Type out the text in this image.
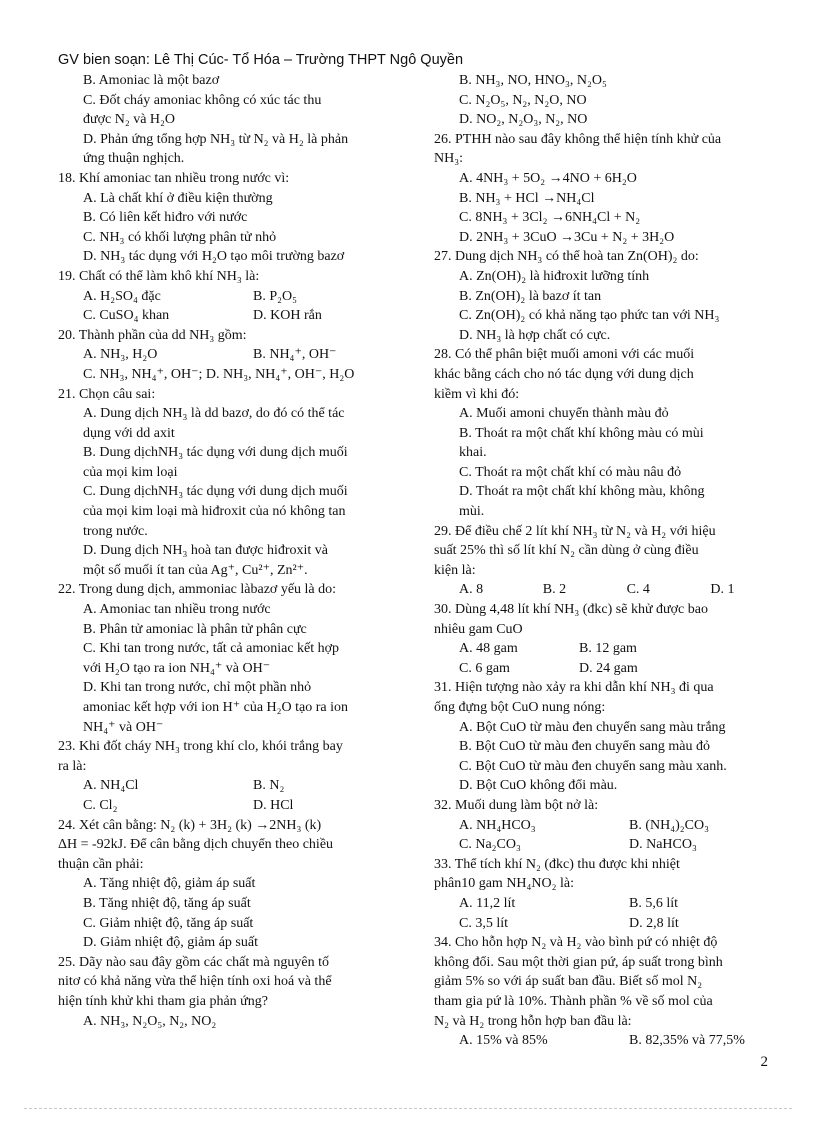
GV bien soạn: Lê Thị Cúc- Tổ Hóa – Trường THPT Ngô Quyền
B. Amoniac là một bazơ
C. Đốt cháy amoniac không có xúc tác thu
được N₂ và H₂O
D. Phản ứng tổng hợp NH₃ từ N₂ và H₂ là phản
ứng thuận nghịch.
18. Khí amoniac tan nhiều trong nước vì:
A. Là chất khí ở điều kiện thường
B. Có liên kết hiđro với nước
C. NH₃ có khối lượng phân tử nhỏ
D. NH₃ tác dụng với H₂O tạo môi trường bazơ
19. Chất có thể làm khô khí NH₃ là:
A. H₂SO₄ đặc	B. P₂O₅
C. CuSO₄ khan	D. KOH rắn
20. Thành phần của dd NH₃ gồm:
A. NH₃, H₂O	B. NH₄⁺, OH⁻
C. NH₃, NH₄⁺, OH⁻; D. NH₃, NH₄⁺, OH⁻, H₂O
21. Chọn câu sai:
A. Dung dịch NH₃ là dd bazơ, do đó có thể tác
dụng với dd axit
B. Dung dịchNH₃ tác dụng với dung dịch muối
của mọi kim loại
C. Dung dịchNH₃ tác dụng với dung dịch muối
của mọi kim loại mà hiđroxit của nó không tan
trong nước.
D. Dung dịch NH₃ hoà tan được hiđroxit và
một số muối ít tan của Ag⁺, Cu²⁺, Zn²⁺.
22. Trong dung dịch, ammoniac làbazơ yếu là do:
A. Amoniac tan nhiều trong nước
B. Phân tử amoniac là phân tử phân cực
C. Khi tan trong nước, tất cả amoniac kết hợp
với H₂O tạo ra ion NH₄⁺ và OH⁻
D. Khi tan trong nước, chỉ một phần nhỏ
amoniac kết hợp với ion H⁺ của H₂O tạo ra ion
NH₄⁺ và OH⁻
23. Khi đốt cháy NH₃ trong khí clo, khói trắng bay
ra là:
A. NH₄Cl	B. N₂
C. Cl₂	D. HCl
24. Xét cân bằng: N₂ (k) + 3H₂ (k) →2NH₃ (k)
ΔH = -92kJ. Để cân bằng dịch chuyển theo chiều
thuận cần phải:
A. Tăng nhiệt độ, giảm áp suất
B. Tăng nhiệt độ, tăng áp suất
C. Giảm nhiệt độ, tăng áp suất
D. Giảm nhiệt độ, giảm áp suất
25. Dãy nào sau đây gồm các chất mà nguyên tố
nitơ có khả năng vừa thể hiện tính oxi hoá và thể
hiện tính khử khi tham gia phản ứng?
A. NH₃, N₂O₅, N₂, NO₂
B. NH₃, NO, HNO₃, N₂O₅
C. N₂O₅, N₂, N₂O, NO
D. NO₂, N₂O₃, N₂, NO
26. PTHH nào sau đây không thể hiện tính khử của
NH₃:
A. 4NH₃ + 5O₂ →4NO + 6H₂O
B. NH₃ + HCl →NH₄Cl
C. 8NH₃ + 3Cl₂ →6NH₄Cl + N₂
D. 2NH₃ + 3CuO →3Cu + N₂ + 3H₂O
27. Dung dịch NH₃ có thể hoà tan Zn(OH)₂ do:
A. Zn(OH)₂ là hiđroxit lưỡng tính
B. Zn(OH)₂ là bazơ ít tan
C. Zn(OH)₂ có khả năng tạo phức tan với NH₃
D. NH₃ là hợp chất có cực.
28. Có thể phân biệt muối amoni với các muối
khác bằng cách cho nó tác dụng với dung dịch
kiềm vì khi đó:
A. Muối amoni chuyển thành màu đỏ
B. Thoát ra một chất khí không màu có mùi
khai.
C. Thoát ra một chất khí có màu nâu đỏ
D. Thoát ra một chất khí không màu, không
mùi.
29. Để điều chế 2 lít khí NH₃ từ N₂ và H₂ với hiệu
suất 25% thì số lít khí N₂ cần dùng ở cùng điều
kiện là:
A. 8	B. 2	C. 4	D. 1
30. Dùng 4,48 lít khí NH₃ (đkc) sẽ khử được bao
nhiêu gam CuO
A. 48 gam	B. 12 gam
C. 6 gam	D. 24 gam
31. Hiện tượng nào xảy ra khi dẫn khí NH₃ đi qua
ống đựng bột CuO nung nóng:
A. Bột CuO từ màu đen chuyển sang màu trắng
B. Bột CuO từ màu đen chuyển sang màu đỏ
C. Bột CuO từ màu đen chuyển sang màu xanh.
D. Bột CuO không đổi màu.
32. Muối dung làm bột nở là:
A. NH₄HCO₃	B. (NH₄)₂CO₃
C. Na₂CO₃	D. NaHCO₃
33. Thể tích khí N₂ (đkc) thu được khi nhiệt
phân10 gam NH₄NO₂ là:
A. 11,2 lít	B. 5,6 lít
C. 3,5 lít	D. 2,8 lít
34. Cho hỗn hợp N₂ và H₂ vào bình pứ có nhiệt độ
không đổi. Sau một thời gian pứ, áp suất trong bình
giảm 5% so với áp suất ban đầu. Biết số mol N₂
tham gia pứ là 10%. Thành phần % về số mol của
N₂ và H₂ trong hỗn hợp ban đầu là:
A. 15% và 85%	B. 82,35% và 77,5%
2
